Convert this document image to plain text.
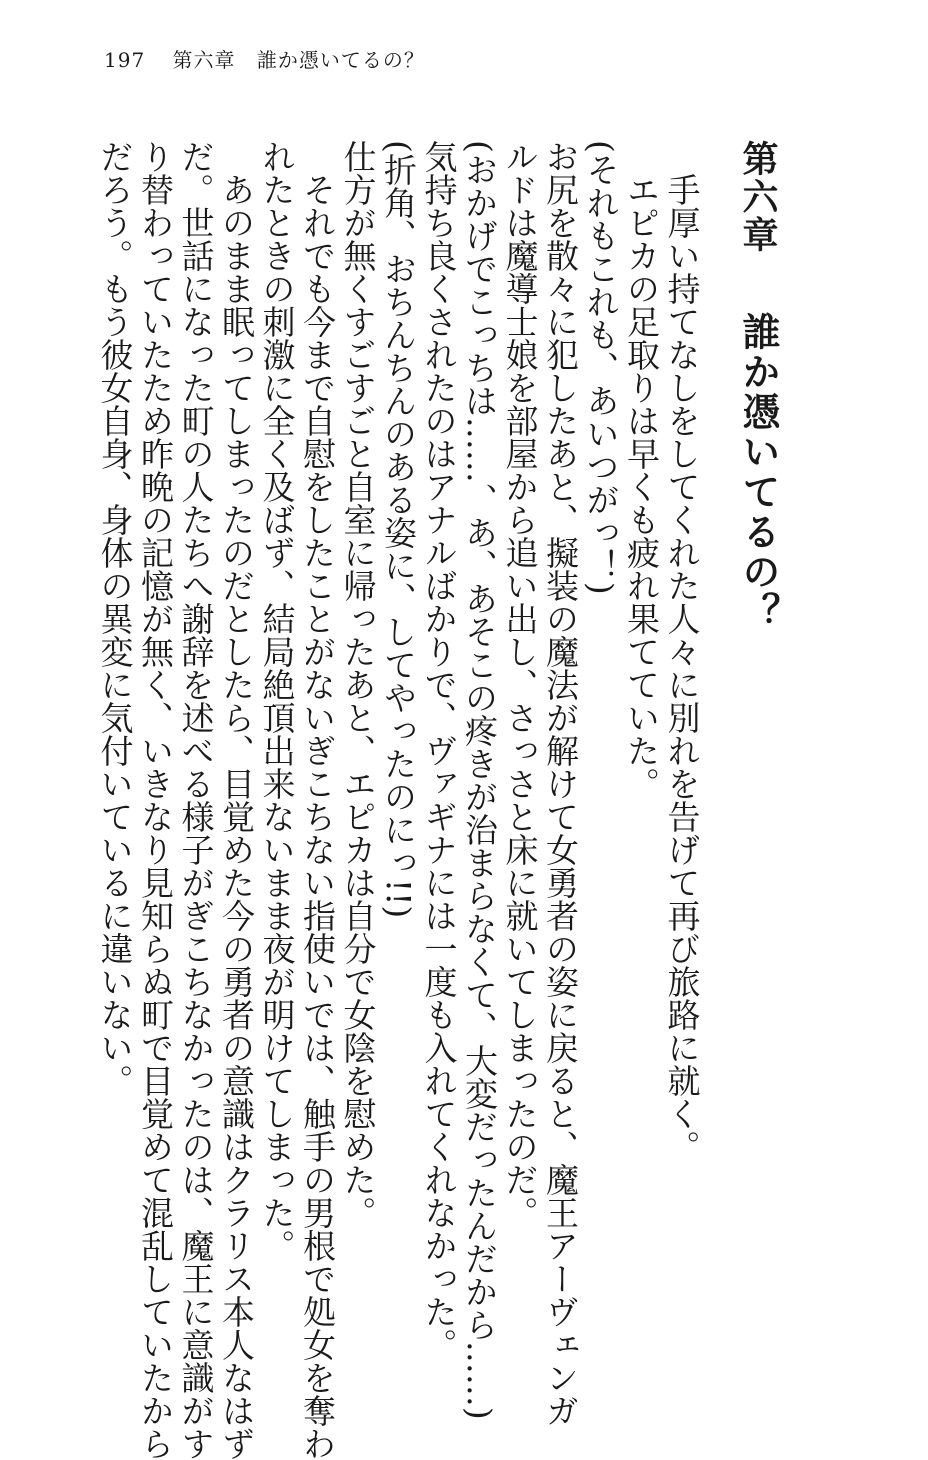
197 第六章 誰か憑いてるの？
第六章誰か憑いてるの？
手厚い持てなしをしてくれた人々に別れを告げて再び旅路に就く。
エピカの足取りは早くも疲れ果てていた。
(それもこれも、あいつがっ！)
お尻を散々に犯したあと、擬装の魔法が解けて女勇者の姿に戻ると、魔王アーヴェンガ
ルドは魔導士娘を部屋から追い出し、さっさと床に就いてしまったのだ。
(おかげでこっちは……、あ、あそこの疼きが治まらなくて、大変だったんだから……)
気持ち良くされたのはアナルばかりで、ヴァギナには一度も入れてくれなかった。
(折角、おちんちんのある姿に、してやったのにっ!!)
仕方が無くすごすごと自室に帰ったあと、エピカは自分で女陰を慰めた。
それでも今まで自慰をしたことがないぎこちない指使いでは、触手の男根で処女を奪わ
れたときの刺激に全く及ばず、結局絶頂出来ないまま夜が明けてしまった。
あのまま眠ってしまったのだとしたら、目覚めた今の勇者の意識はクラリス本人なはず
だ。世話になった町の人たちへ謝辞を述べる様子がぎこちなかったのは、魔王に意識がす
り替わっていたため昨晩の記憶が無く、いきなり見知らぬ町で目覚めて混乱していたから
だろう。もう彼女自身、身体の異変に気付いているに違いない。
